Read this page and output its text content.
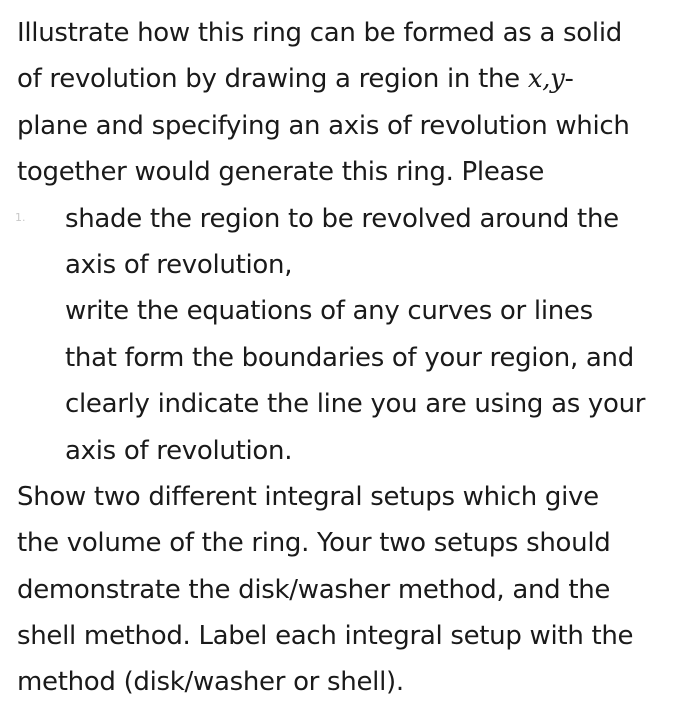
1.
Illustrate how this ring can be formed as a solid
of revolution by drawing a region in the x,y-
plane and specifying an axis of revolution which
together would generate this ring. Please
shade the region to be revolved around the
axis of revolution,
write the equations of any curves or lines
that form the boundaries of your region, and
clearly indicate the line you are using as your
axis of revolution.
Show two different integral setups which give
the volume of the ring. Your two setups should
demonstrate the disk/washer method, and the
shell method. Label each integral setup with the
method (disk/washer or shell).
